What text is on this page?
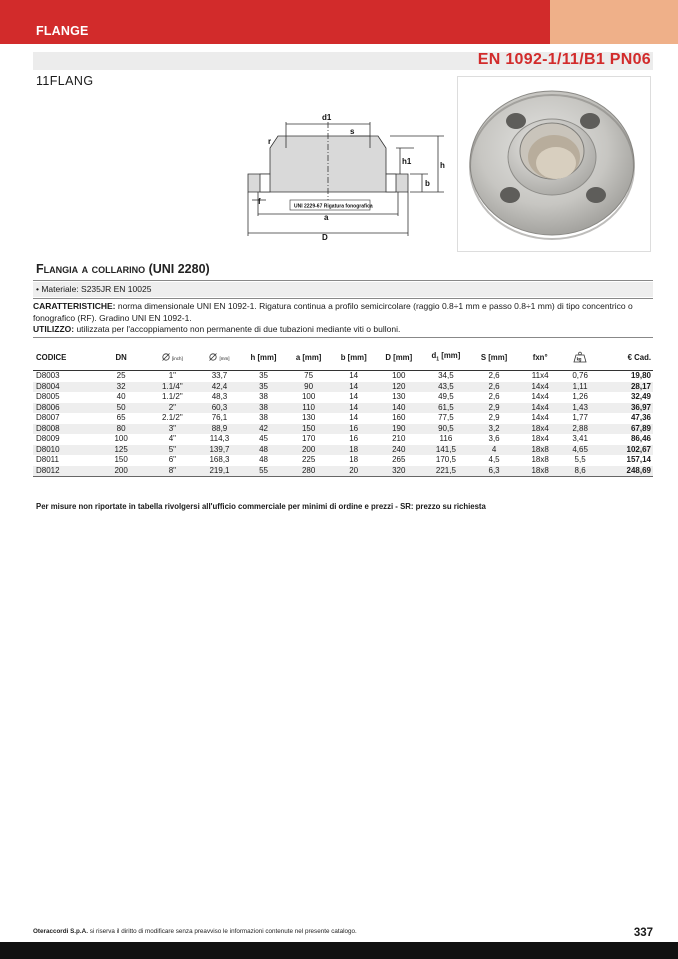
FLANGE
EN 1092-1/11/B1 PN06
11FLANG
UNI 2229-67 Rigatura fonografica
d1
s
r
h1
b
h
f
a
D
Flangia a collarino (UNI 2280)
• Materiale: S235JR EN 10025
CARATTERISTICHE: norma dimensionale UNI EN 1092-1. Rigatura continua a profilo semicircolare (raggio 0.8÷1 mm e passo 0.8÷1 mm) di tipo concentrico o fonografico (RF). Gradino UNI EN 1092-1.
UTILIZZO: utilizzata per l'accoppiamento non permanente di due tubazioni mediante viti o bulloni.
CODICE	DN	[inch]	[mm]	h [mm]	a [mm]	b [mm]	D [mm]	$d_1$ [mm]	S [mm]	fxn°	kg	€ Cad.
D8003	25	1"	33,7	35	75	14	100	34,5	2,6	11x4	0,76	19,80
D8004	32	1.1/4"	42,4	35	90	14	120	43,5	2,6	14x4	1,11	28,17
D8005	40	1.1/2"	48,3	38	100	14	130	49,5	2,6	14x4	1,26	32,49
D8006	50	2"	60,3	38	110	14	140	61,5	2,9	14x4	1,43	36,97
D8007	65	2.1/2"	76,1	38	130	14	160	77,5	2,9	14x4	1,77	47,36
D8008	80	3"	88,9	42	150	16	190	90,5	3,2	18x4	2,88	67,89
D8009	100	4"	114,3	45	170	16	210	116	3,6	18x4	3,41	86,46
D8010	125	5"	139,7	48	200	18	240	141,5	4	18x8	4,65	102,67
D8011	150	6"	168,3	48	225	18	265	170,5	4,5	18x8	5,5	157,14
D8012	200	8"	219,1	55	280	20	320	221,5	6,3	18x8	8,6	248,69
Per misure non riportate in tabella rivolgersi all'ufficio commerciale per minimi di ordine e prezzi - SR: prezzo su richiesta
Oteraccordi S.p.A. si riserva il diritto di modificare senza preavviso le informazioni contenute nel presente catalogo.	337
